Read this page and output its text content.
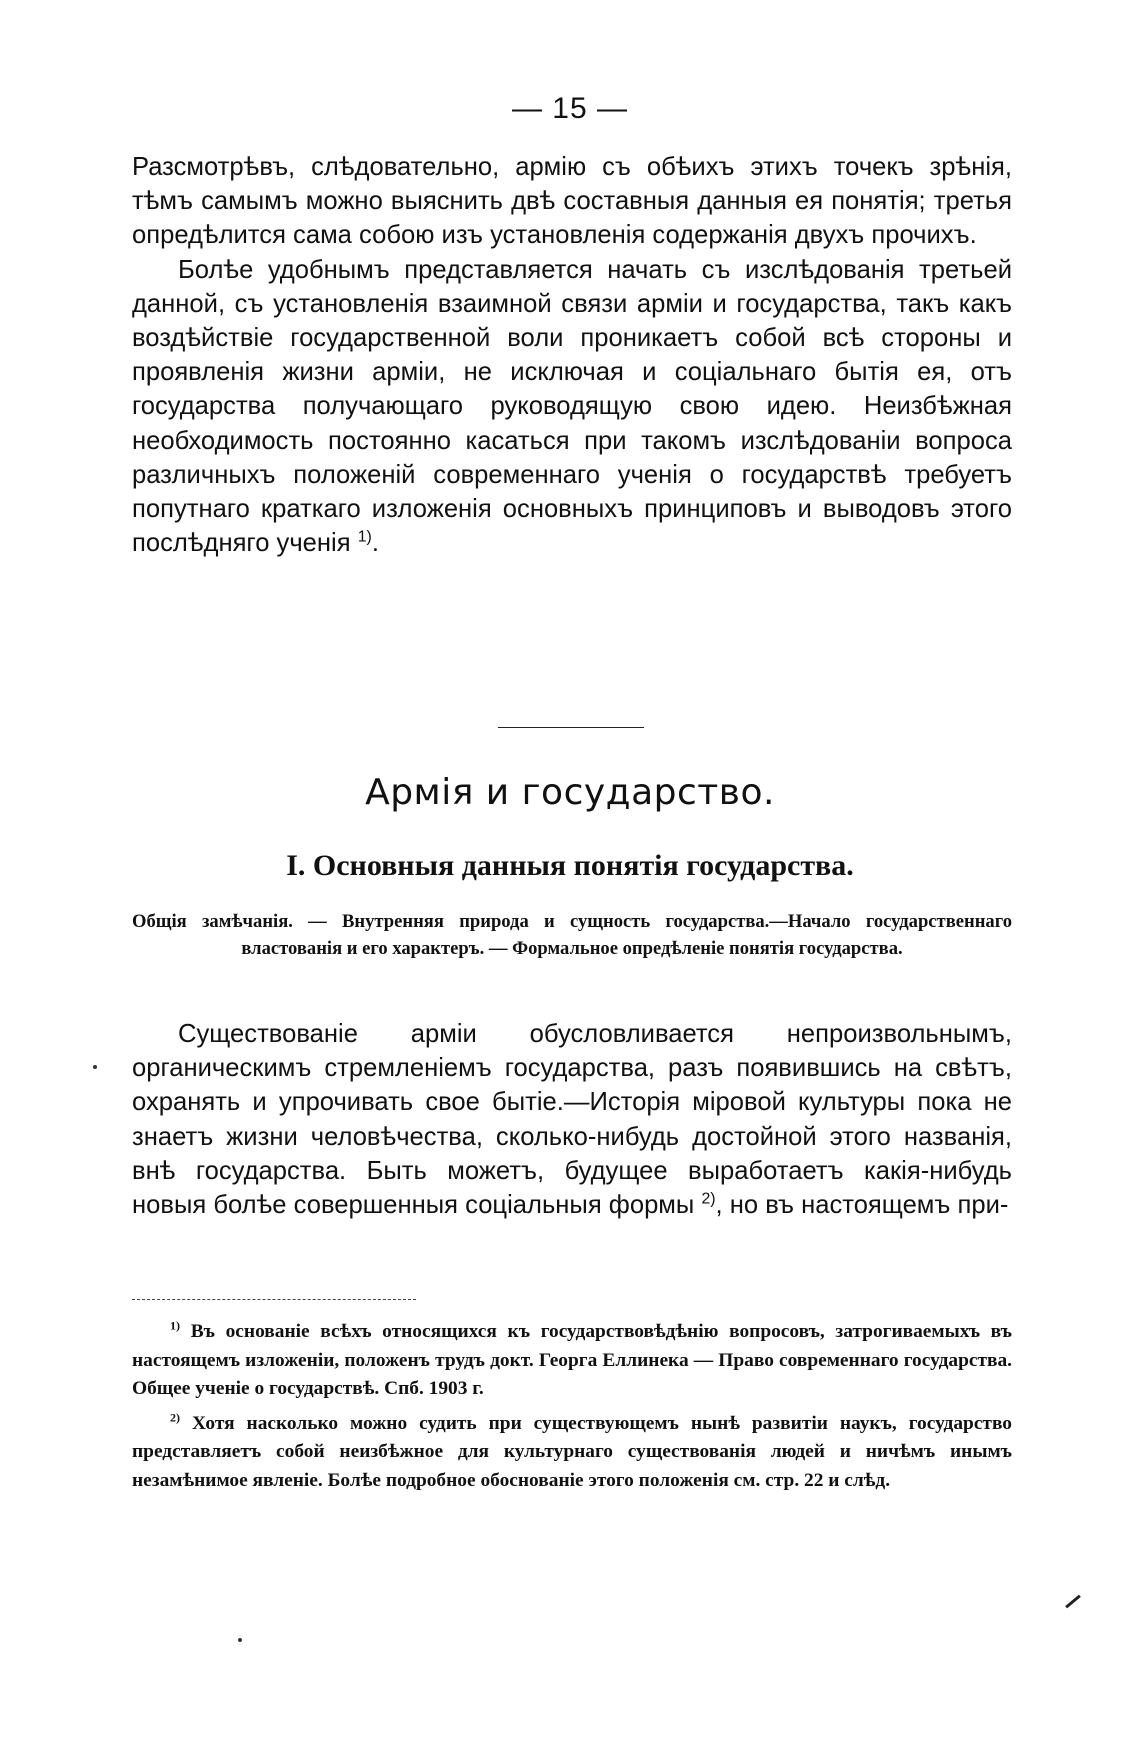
— 15 —

Разсмотрѣвъ, слѣдовательно, армію съ обѣихъ этихъ точекъ зрѣнія, тѣмъ самымъ можно выяснить двѣ составныя данныя ея понятія; третья опредѣлится сама собою изъ установленія содержанія двухъ прочихъ.

Болѣе удобнымъ представляется начать съ изслѣдованія третьей данной, съ установленія взаимной связи арміи и государства, такъ какъ воздѣйствіе государственной воли проникаетъ собой всѣ стороны и проявленія жизни арміи, не исключая и соціальнаго бытія ея, отъ государства получающаго руководящую свою идею. Неизбѣжная необходимость постоянно касаться при такомъ изслѣдованіи вопроса различныхъ положеній современнаго ученія о государствѣ требуетъ попутнаго краткаго изложенія основныхъ принциповъ и выводовъ этого послѣдняго ученія $^{1)}$.

Армія и государство.
I. Основныя данныя понятія государства.
Общія замѣчанія. — Внутренняя природа и сущность государства.—Начало государственнаго властованія и его характеръ. — Формальное опредѣленіе понятія государства.

Существованіе арміи обусловливается непроизвольнымъ, органическимъ стремленіемъ государства, разъ появившись на свѣтъ, охранять и упрочивать свое бытіе.—Исторія міровой культуры пока не знаетъ жизни человѣчества, сколько-нибудь достойной этого названія, внѣ государства. Быть можетъ, будущее выработаетъ какія-нибудь новыя болѣе совершенныя соціальныя формы $^{2)}$, но въ настоящемъ при-

$^{1)}$ Въ основаніе всѣхъ относящихся къ государствовѣдѣнію вопросовъ, затрогиваемыхъ въ настоящемъ изложеніи, положенъ трудъ докт. Георга Еллинека — Право современнаго государства. Общее ученіе о государствѣ. Спб. 1903 г.

$^{2)}$ Хотя насколько можно судить при существующемъ нынѣ развитіи наукъ, государство представляетъ собой неизбѣжное для культурнаго существованія людей и ничѣмъ инымъ незамѣнимое явленіе. Болѣе подробное обоснованіе этого положенія см. стр. 22 и слѣд.
